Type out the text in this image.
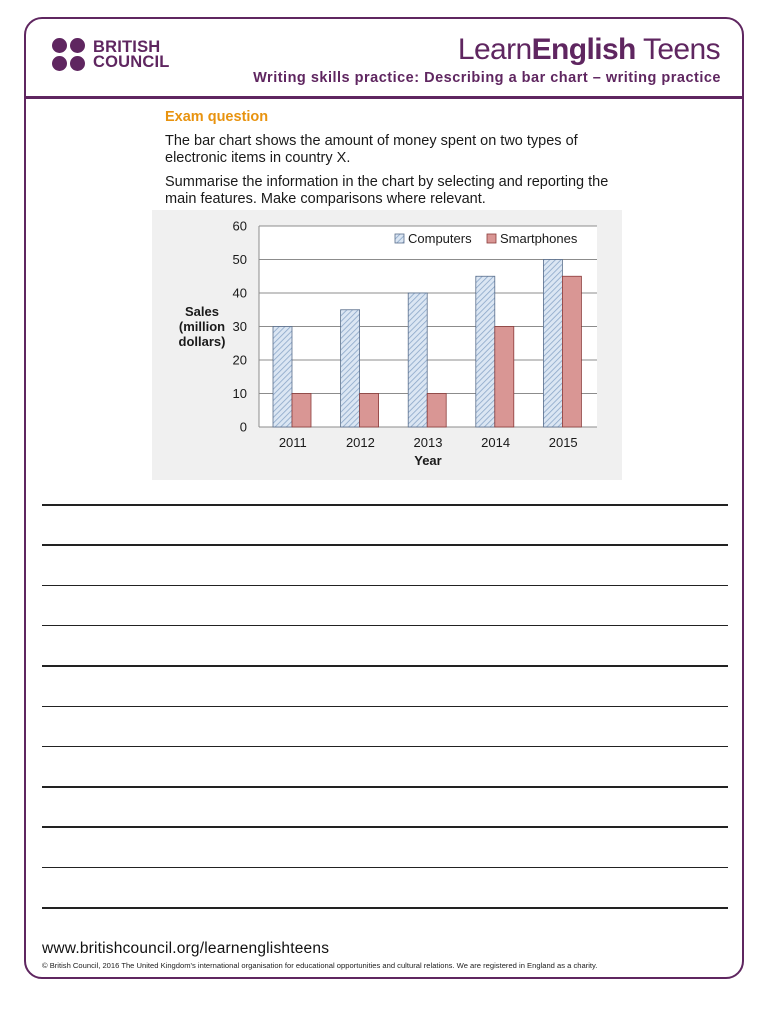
BRITISH
COUNCIL	LearnEnglish Teens
Writing skills practice: Describing a bar chart – writing practice
Exam question

The bar chart shows the amount of money spent on two types of electronic items in country X.

Summarise the information in the chart by selecting and reporting the main features. Make comparisons where relevant.

0
10
20
30
40
50
60
2011	2012	2013	2014	2015
Year
Sales
(million
dollars)
Computers Smartphones
www.britishcouncil.org/learnenglishteens
© British Council, 2016 The United Kingdom's international organisation for educational opportunities and cultural relations. We are registered in England as a charity.
